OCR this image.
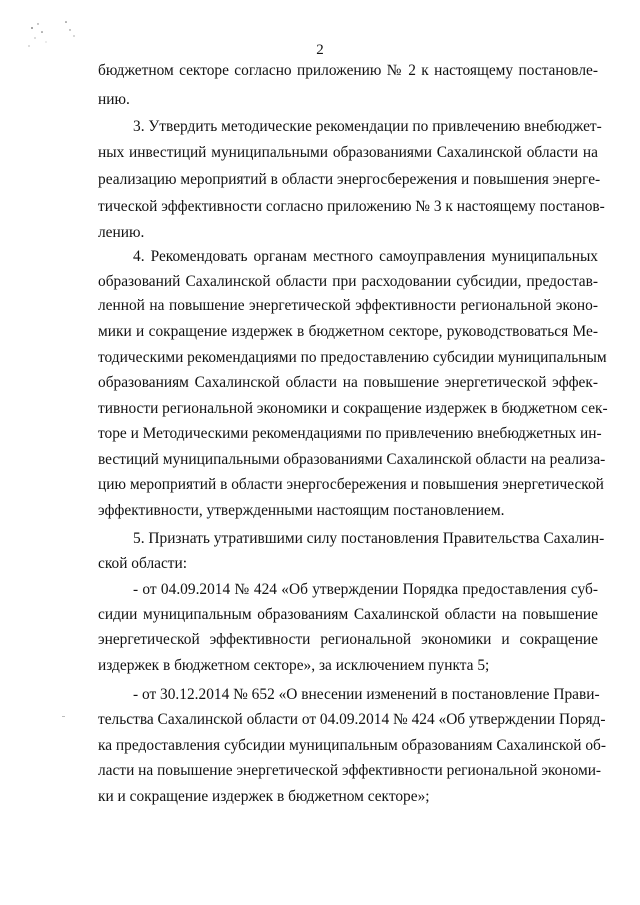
2
бюджетном секторе согласно приложению № 2 к настоящему постановле-
нию.
3. Утвердить методические рекомендации по привлечению внебюджет-
ных инвестиций муниципальными образованиями Сахалинской области на
реализацию мероприятий в области энергосбережения и повышения энерге-
тической эффективности согласно приложению № 3 к настоящему постанов-
лению.
4. Рекомендовать органам местного самоуправления муниципальных
образований Сахалинской области при расходовании субсидии, предостав-
ленной на повышение энергетической эффективности региональной эконо-
мики и сокращение издержек в бюджетном секторе, руководствоваться Ме-
тодическими рекомендациями по предоставлению субсидии муниципальным
образованиям Сахалинской области на повышение энергетической эффек-
тивности региональной экономики и сокращение издержек в бюджетном сек-
торе и Методическими рекомендациями по привлечению внебюджетных ин-
вестиций муниципальными образованиями Сахалинской области на реализа-
цию мероприятий в области энергосбережения и повышения энергетической
эффективности, утвержденными настоящим постановлением.
5. Признать утратившими силу постановления Правительства Сахалин-
ской области:
- от 04.09.2014 № 424 «Об утверждении Порядка предоставления суб-
сидии муниципальным образованиям Сахалинской области на повышение
энергетической эффективности региональной экономики и сокращение
издержек в бюджетном секторе», за исключением пункта 5;
- от 30.12.2014 № 652 «О внесении изменений в постановление Прави-
тельства Сахалинской области от 04.09.2014 № 424 «Об утверждении Поряд-
ка предоставления субсидии муниципальным образованиям Сахалинской об-
ласти на повышение энергетической эффективности региональной экономи-
ки и сокращение издержек в бюджетном секторе»;
